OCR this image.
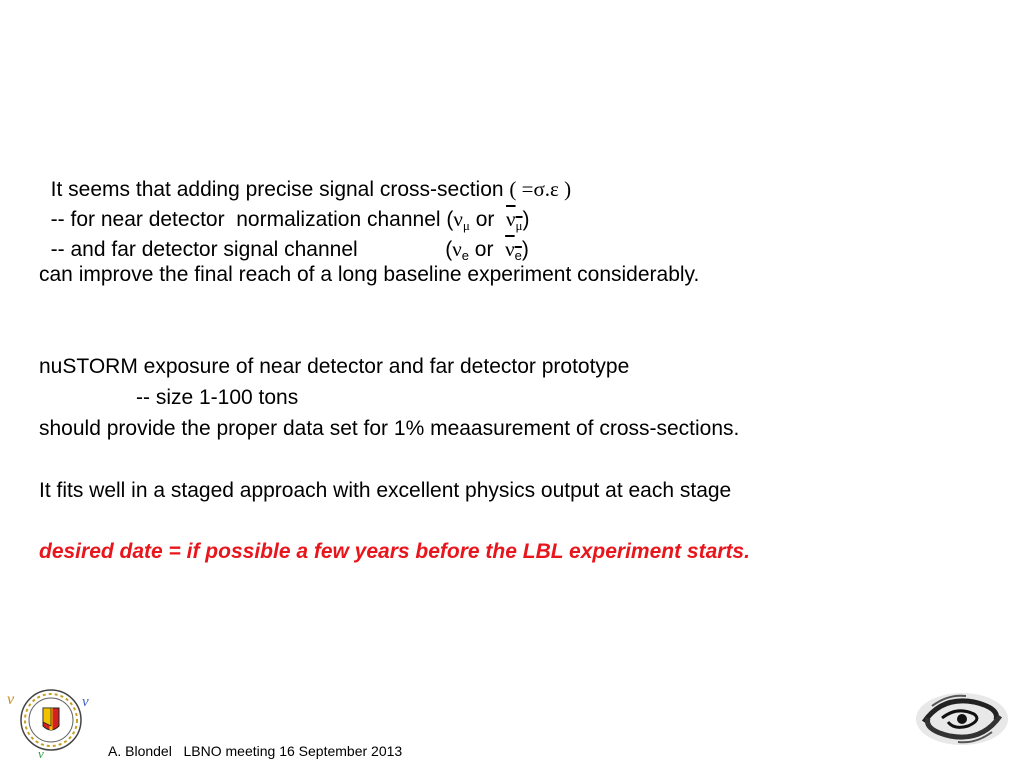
It seems that adding precise signal cross-section ( =σ.ε )

-- for near detector  normalization channel (νμ or  νμ)

-- and far detector signal channel               ($\nu_e$ or  $\nu_e$)

can improve the final reach of a long baseline experiment considerably.
nuSTORM exposure of near detector and far detector prototype
-- size 1-100 tons
should provide the proper data set for 1% meaasurement of cross-sections.
It fits well in a staged approach with excellent physics output at each stage
desired date = if possible a few years before the LBL experiment starts.
ν	ν
ν	A. Blondel   LBNO meeting 16 September 2013
